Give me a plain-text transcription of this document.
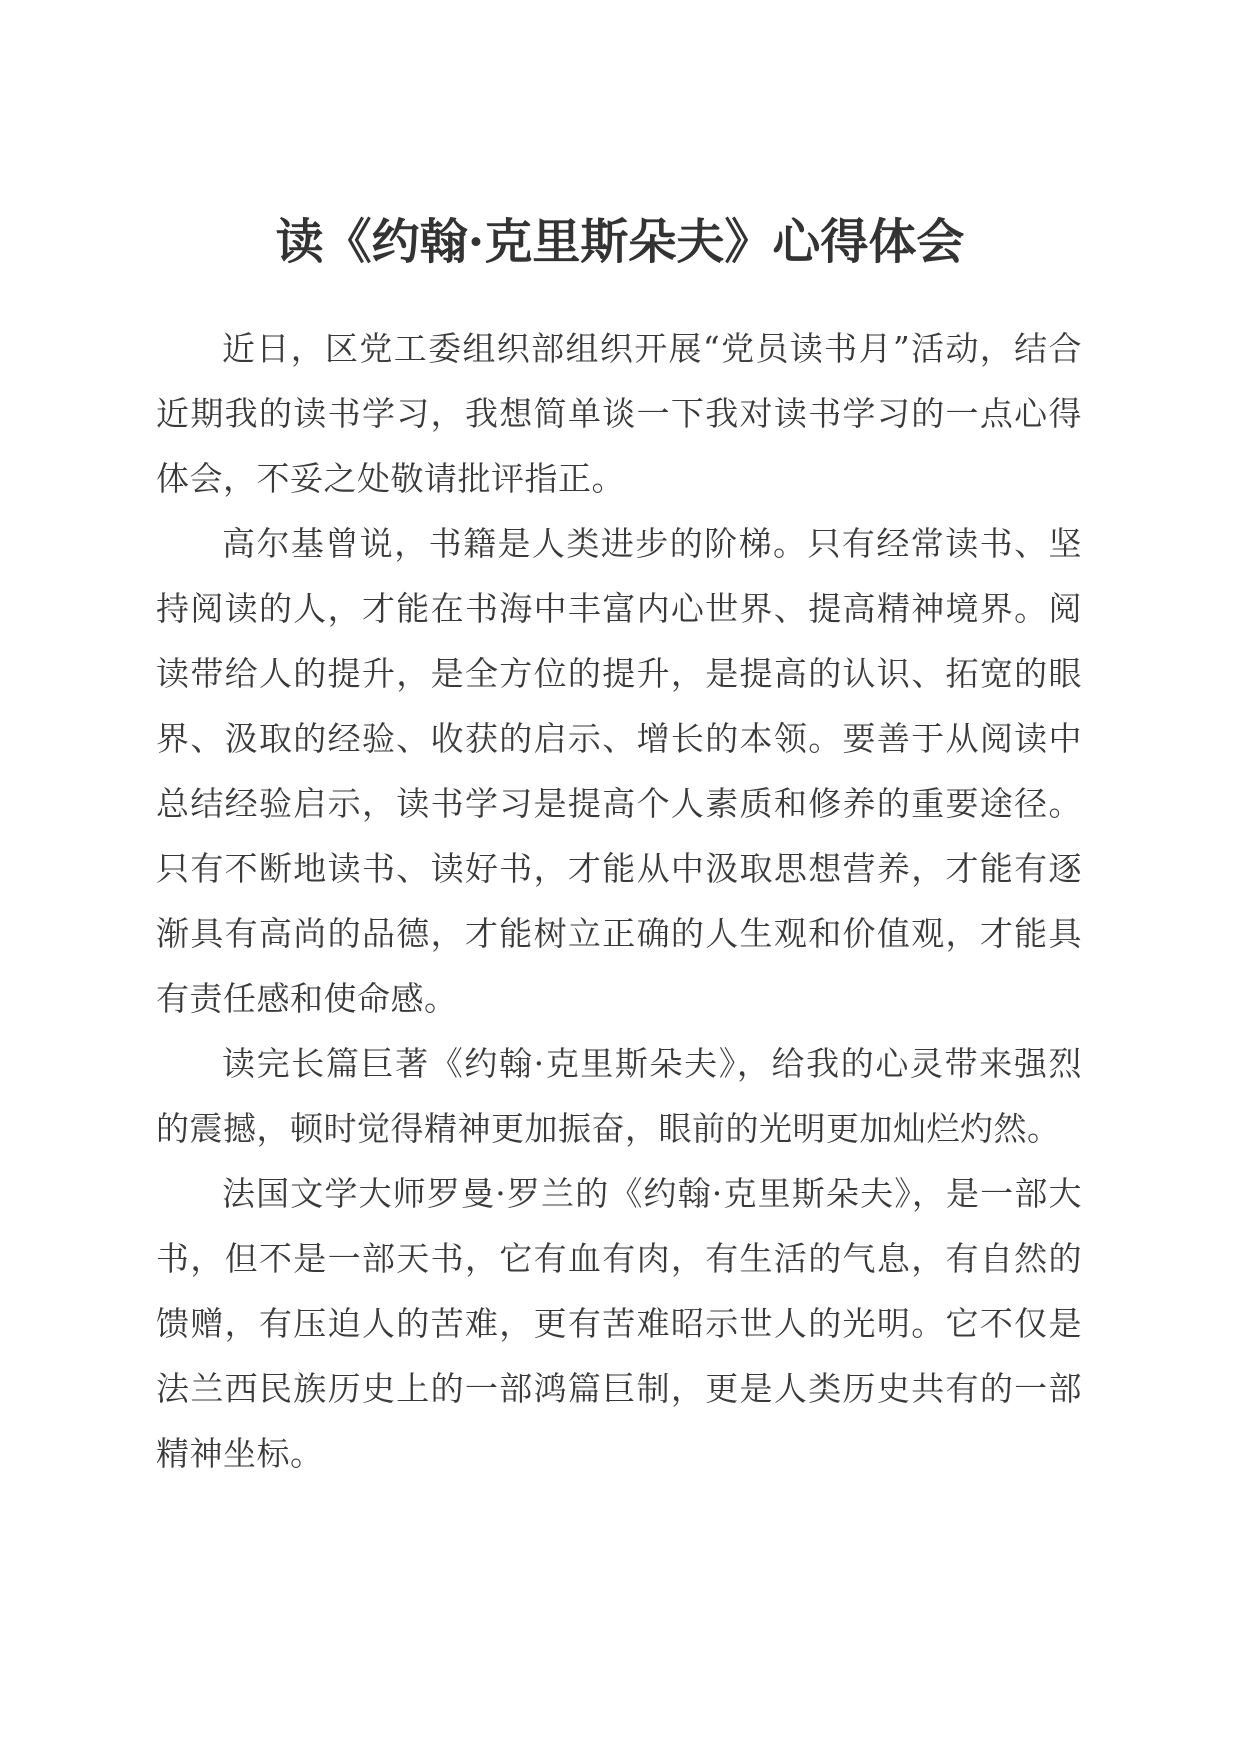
读《约翰·克里斯朵夫》心得体会

近日，区党工委组织部组织开展“党员读书月”活动，结合近期我的读书学习，我想简单谈一下我对读书学习的一点心得体会，不妥之处敬请批评指正。

高尔基曾说，书籍是人类进步的阶梯。只有经常读书、坚持阅读的人，才能在书海中丰富内心世界、提高精神境界。阅读带给人的提升，是全方位的提升，是提高的认识、拓宽的眼界、汲取的经验、收获的启示、增长的本领。要善于从阅读中总结经验启示，读书学习是提高个人素质和修养的重要途径。只有不断地读书、读好书，才能从中汲取思想营养，才能有逐渐具有高尚的品德，才能树立正确的人生观和价值观，才能具有责任感和使命感。

读完长篇巨著《约翰·克里斯朵夫》，给我的心灵带来强烈的震撼，顿时觉得精神更加振奋，眼前的光明更加灿烂灼然。

法国文学大师罗曼·罗兰的《约翰·克里斯朵夫》，是一部大书，但不是一部天书，它有血有肉，有生活的气息，有自然的馈赠，有压迫人的苦难，更有苦难昭示世人的光明。它不仅是法兰西民族历史上的一部鸿篇巨制，更是人类历史共有的一部精神坐标。
